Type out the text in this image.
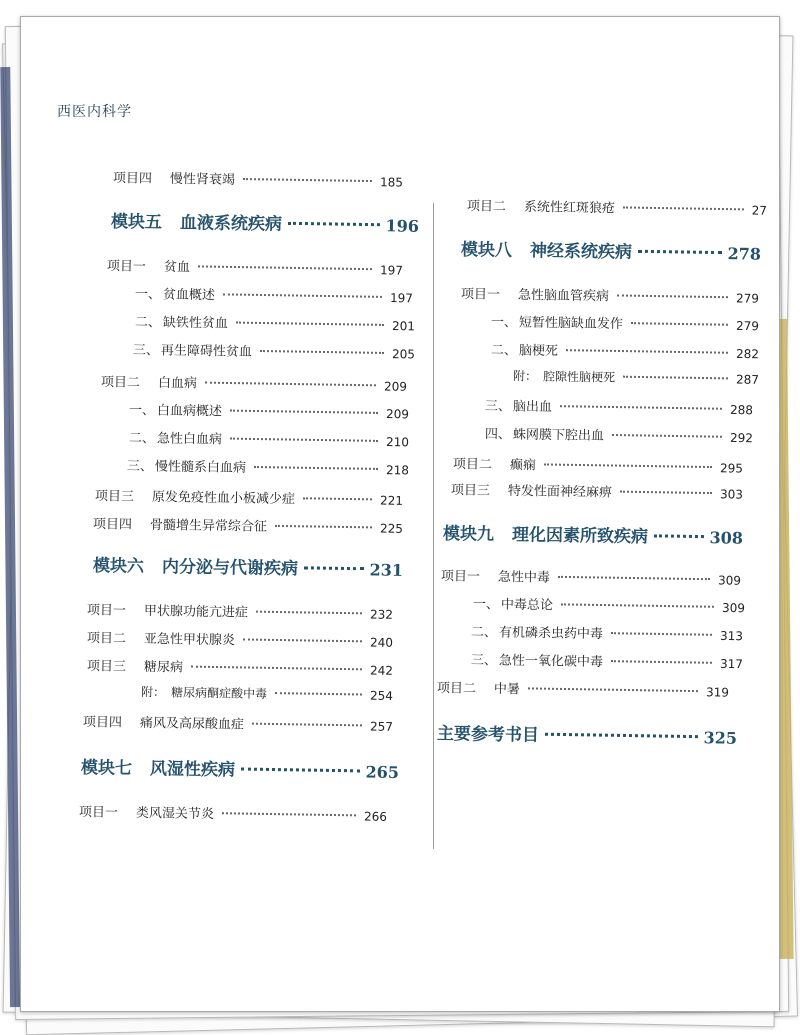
西医内科学
项目四 慢性肾衰竭	185
模块五 血液系统疾病	196
项目一 贫血	197
一、 贫血概述	197
二、 缺铁性贫血	201
三、 再生障碍性贫血	205
项目二 白血病	209
一、 白血病概述	209
二、 急性白血病	210
三、 慢性髓系白血病	218
项目三 原发免疫性血小板减少症	221
项目四 骨髓增生异常综合征	225
模块六 内分泌与代谢疾病	231
项目一 甲状腺功能亢进症	232
项目二 亚急性甲状腺炎	240
项目三 糖尿病	242
附： 糖尿病酮症酸中毒	254
项目四 痛风及高尿酸血症	257
模块七 风湿性疾病	265
项目一 类风湿关节炎	266
项目二 系统性红斑狼疮	27
模块八 神经系统疾病	278
项目一 急性脑血管疾病	279
一、 短暂性脑缺血发作	279
二、 脑梗死	282
附： 腔隙性脑梗死	287
三、 脑出血	288
四、 蛛网膜下腔出血	292
项目二 癫痫	295
项目三 特发性面神经麻痹	303
模块九 理化因素所致疾病	308
项目一 急性中毒	309
一、 中毒总论	309
二、 有机磷杀虫药中毒	313
三、 急性一氧化碳中毒	317
项目二 中暑	319
主要参考书目	325
